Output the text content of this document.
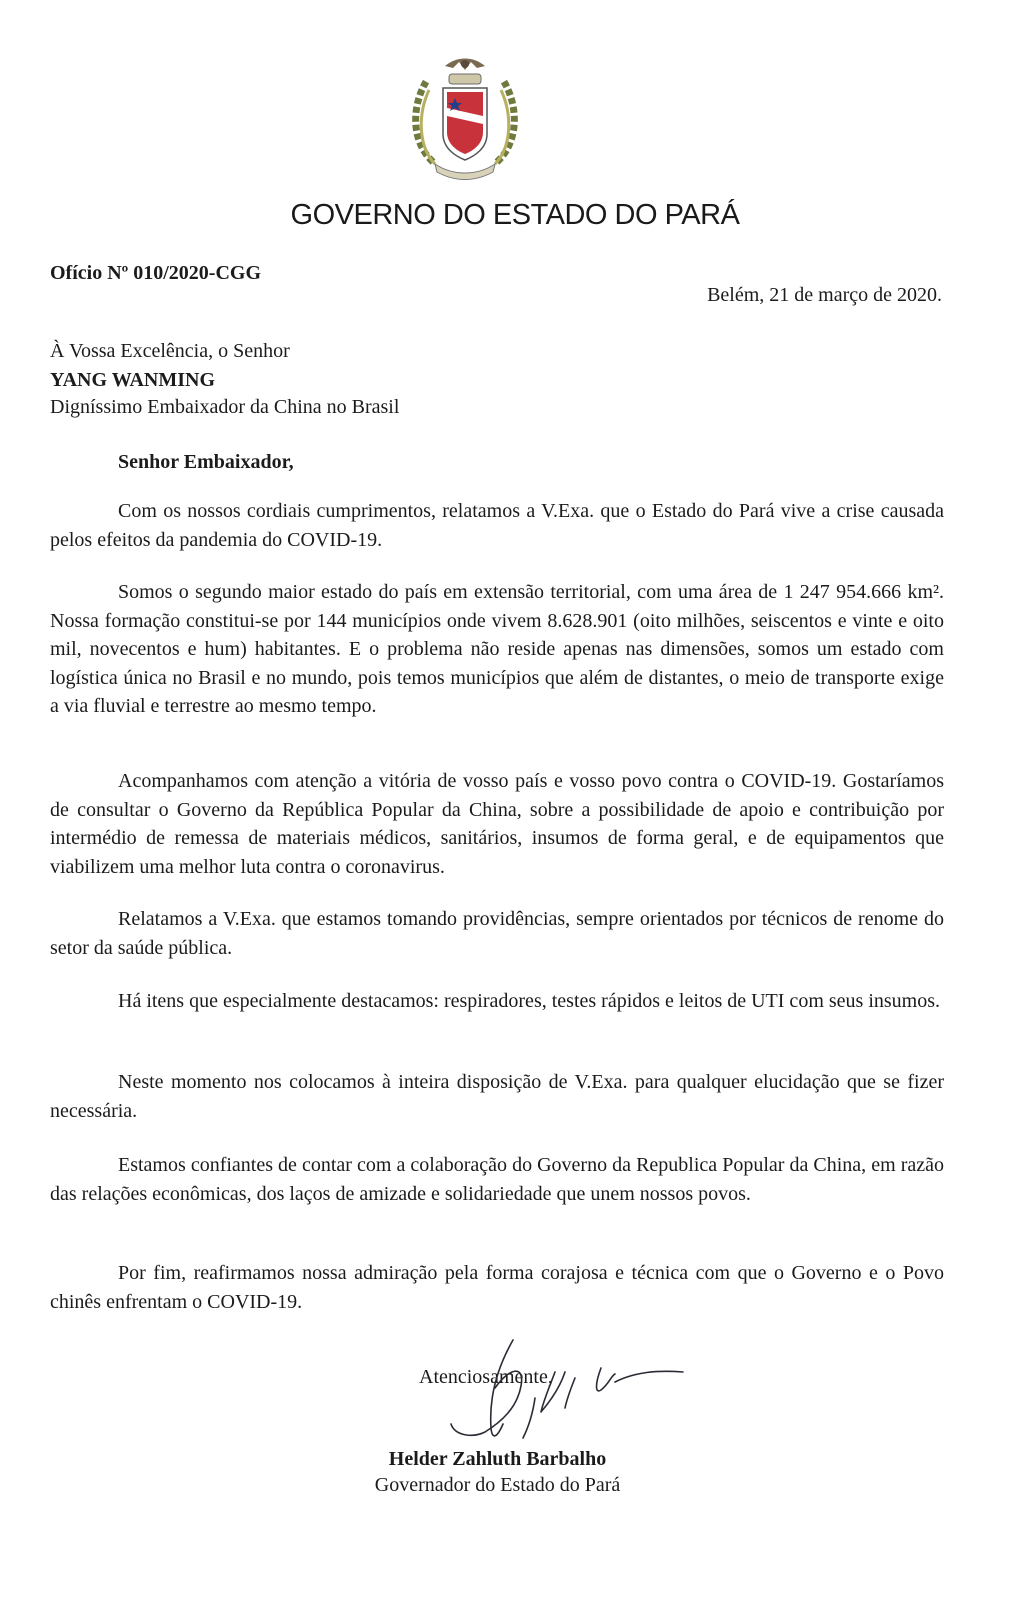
GOVERNO DO ESTADO DO PARÁ
Ofício Nº 010/2020-CGG
Belém, 21 de março de 2020.
À Vossa Excelência, o Senhor
YANG WANMING
Digníssimo Embaixador da China no Brasil
Senhor Embaixador,

Com os nossos cordiais cumprimentos, relatamos a V.Exa. que o Estado do Pará vive a crise causada pelos efeitos da pandemia do COVID-19.

Somos o segundo maior estado do país em extensão territorial, com uma área de 1 247 954.666 km². Nossa formação constitui-se por 144 municípios onde vivem 8.628.901 (oito milhões, seiscentos e vinte e oito mil, novecentos e hum) habitantes. E o problema não reside apenas nas dimensões, somos um estado com logística única no Brasil e no mundo, pois temos municípios que além de distantes, o meio de transporte exige a via fluvial e terrestre ao mesmo tempo.

Acompanhamos com atenção a vitória de vosso país e vosso povo contra o COVID-19. Gostaríamos de consultar o Governo da República Popular da China, sobre a possibilidade de apoio e contribuição por intermédio de remessa de materiais médicos, sanitários, insumos de forma geral, e de equipamentos que viabilizem uma melhor luta contra o coronavirus.

Relatamos a V.Exa. que estamos tomando providências, sempre orientados por técnicos de renome do setor da saúde pública.

Há itens que especialmente destacamos: respiradores, testes rápidos e leitos de UTI com seus insumos.

Neste momento nos colocamos à inteira disposição de V.Exa. para qualquer elucidação que se fizer necessária.

Estamos confiantes de contar com a colaboração do Governo da Republica Popular da China, em razão das relações econômicas, dos laços de amizade e solidariedade que unem nossos povos.

Por fim, reafirmamos nossa admiração pela forma corajosa e técnica com que o Governo e o Povo chinês enfrentam o COVID-19.

Atenciosamente,
Helder Zahluth Barbalho
Governador do Estado do Pará
